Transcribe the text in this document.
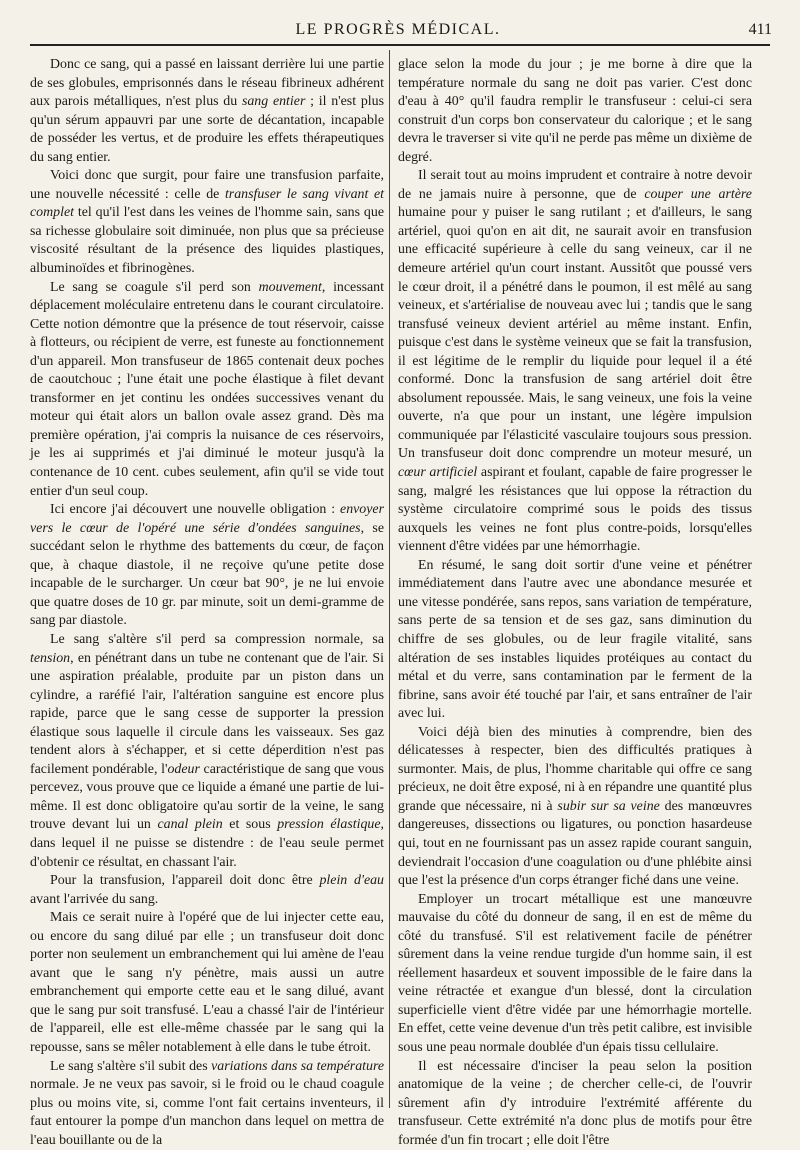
LE PROGRÈS MÉDICAL.	411

Donc ce sang, qui a passé en laissant derrière lui une partie de ses globules, emprisonnés dans le réseau fibrineux adhérent aux parois métalliques, n'est plus du sang entier ; il n'est plus qu'un sérum appauvri par une sorte de décantation, incapable de posséder les vertus, et de produire les effets thérapeutiques du sang entier.

Voici donc que surgit, pour faire une transfusion parfaite, une nouvelle nécessité : celle de transfuser le sang vivant et complet tel qu'il l'est dans les veines de l'homme sain, sans que sa richesse globulaire soit diminuée, non plus que sa précieuse viscosité résultant de la présence des liquides plastiques, albuminoïdes et fibrinogènes.

Le sang se coagule s'il perd son mouvement, incessant déplacement moléculaire entretenu dans le courant circulatoire. Cette notion démontre que la présence de tout réservoir, caisse à flotteurs, ou récipient de verre, est funeste au fonctionnement d'un appareil. Mon transfuseur de 1865 contenait deux poches de caoutchouc ; l'une était une poche élastique à filet devant transformer en jet continu les ondées successives venant du moteur qui était alors un ballon ovale assez grand. Dès ma première opération, j'ai compris la nuisance de ces réservoirs, je les ai supprimés et j'ai diminué le moteur jusqu'à la contenance de 10 cent. cubes seulement, afin qu'il se vide tout entier d'un seul coup.

Ici encore j'ai découvert une nouvelle obligation : envoyer vers le cœur de l'opéré une série d'ondées sanguines, se succédant selon le rhythme des battements du cœur, de façon que, à chaque diastole, il ne reçoive qu'une petite dose incapable de le surcharger. Un cœur bat 90°, je ne lui envoie que quatre doses de 10 gr. par minute, soit un demi-gramme de sang par diastole.

Le sang s'altère s'il perd sa compression normale, sa tension, en pénétrant dans un tube ne contenant que de l'air. Si une aspiration préalable, produite par un piston dans un cylindre, a raréfié l'air, l'altération sanguine est encore plus rapide, parce que le sang cesse de supporter la pression élastique sous laquelle il circule dans les vaisseaux. Ses gaz tendent alors à s'échapper, et si cette déperdition n'est pas facilement pondérable, l'odeur caractéristique de sang que vous percevez, vous prouve que ce liquide a émané une partie de lui-même. Il est donc obligatoire qu'au sortir de la veine, le sang trouve devant lui un canal plein et sous pression élastique, dans lequel il ne puisse se distendre : de l'eau seule permet d'obtenir ce résultat, en chassant l'air.

Pour la transfusion, l'appareil doit donc être plein d'eau avant l'arrivée du sang.

Mais ce serait nuire à l'opéré que de lui injecter cette eau, ou encore du sang dilué par elle ; un transfuseur doit donc porter non seulement un embranchement qui lui amène de l'eau avant que le sang n'y pénètre, mais aussi un autre embranchement qui emporte cette eau et le sang dilué, avant que le sang pur soit transfusé. L'eau a chassé l'air de l'intérieur de l'appareil, elle est elle-même chassée par le sang qui la repousse, sans se mêler notablement à elle dans le tube étroit.

Le sang s'altère s'il subit des variations dans sa température normale. Je ne veux pas savoir, si le froid ou le chaud coagule plus ou moins vite, si, comme l'ont fait certains inventeurs, il faut entourer la pompe d'un manchon dans lequel on mettra de l'eau bouillante ou de la

glace selon la mode du jour ; je me borne à dire que la température normale du sang ne doit pas varier. C'est donc d'eau à 40° qu'il faudra remplir le transfuseur : celui-ci sera construit d'un corps bon conservateur du calorique ; et le sang devra le traverser si vite qu'il ne perde pas même un dixième de degré.

Il serait tout au moins imprudent et contraire à notre devoir de ne jamais nuire à personne, que de couper une artère humaine pour y puiser le sang rutilant ; et d'ailleurs, le sang artériel, quoi qu'on en ait dit, ne saurait avoir en transfusion une efficacité supérieure à celle du sang veineux, car il ne demeure artériel qu'un court instant. Aussitôt que poussé vers le cœur droit, il a pénétré dans le poumon, il est mêlé au sang veineux, et s'artérialise de nouveau avec lui ; tandis que le sang transfusé veineux devient artériel au même instant. Enfin, puisque c'est dans le système veineux que se fait la transfusion, il est légitime de le remplir du liquide pour lequel il a été conformé. Donc la transfusion de sang artériel doit être absolument repoussée. Mais, le sang veineux, une fois la veine ouverte, n'a que pour un instant, une légère impulsion communiquée par l'élasticité vasculaire toujours sous pression. Un transfuseur doit donc comprendre un moteur mesuré, un cœur artificiel aspirant et foulant, capable de faire progresser le sang, malgré les résistances que lui oppose la rétraction du système circulatoire comprimé sous le poids des tissus auxquels les veines ne font plus contre-poids, lorsqu'elles viennent d'être vidées par une hémorrhagie.

En résumé, le sang doit sortir d'une veine et pénétrer immédiatement dans l'autre avec une abondance mesurée et une vitesse pondérée, sans repos, sans variation de température, sans perte de sa tension et de ses gaz, sans diminution du chiffre de ses globules, ou de leur fragile vitalité, sans altération de ses instables liquides protéiques au contact du métal et du verre, sans contamination par le ferment de la fibrine, sans avoir été touché par l'air, et sans entraîner de l'air avec lui.

Voici déjà bien des minuties à comprendre, bien des délicatesses à respecter, bien des difficultés pratiques à surmonter. Mais, de plus, l'homme charitable qui offre ce sang précieux, ne doit être exposé, ni à en répandre une quantité plus grande que nécessaire, ni à subir sur sa veine des manœuvres dangereuses, dissections ou ligatures, ou ponction hasardeuse qui, tout en ne fournissant pas un assez rapide courant sanguin, deviendrait l'occasion d'une coagulation ou d'une phlébite ainsi que l'est la présence d'un corps étranger fiché dans une veine.

Employer un trocart métallique est une manœuvre mauvaise du côté du donneur de sang, il en est de même du côté du transfusé. S'il est relativement facile de pénétrer sûrement dans la veine rendue turgide d'un homme sain, il est réellement hasardeux et souvent impossible de le faire dans la veine rétractée et exangue d'un blessé, dont la circulation superficielle vient d'être vidée par une hémorrhagie mortelle. En effet, cette veine devenue d'un très petit calibre, est invisible sous une peau normale doublée d'un épais tissu cellulaire.

Il est nécessaire d'inciser la peau selon la position anatomique de la veine ; de chercher celle-ci, de l'ouvrir sûrement afin d'y introduire l'extrémité afférente du transfuseur. Cette extrémité n'a donc plus de motifs pour être formée d'un fin trocart ; elle doit l'être
